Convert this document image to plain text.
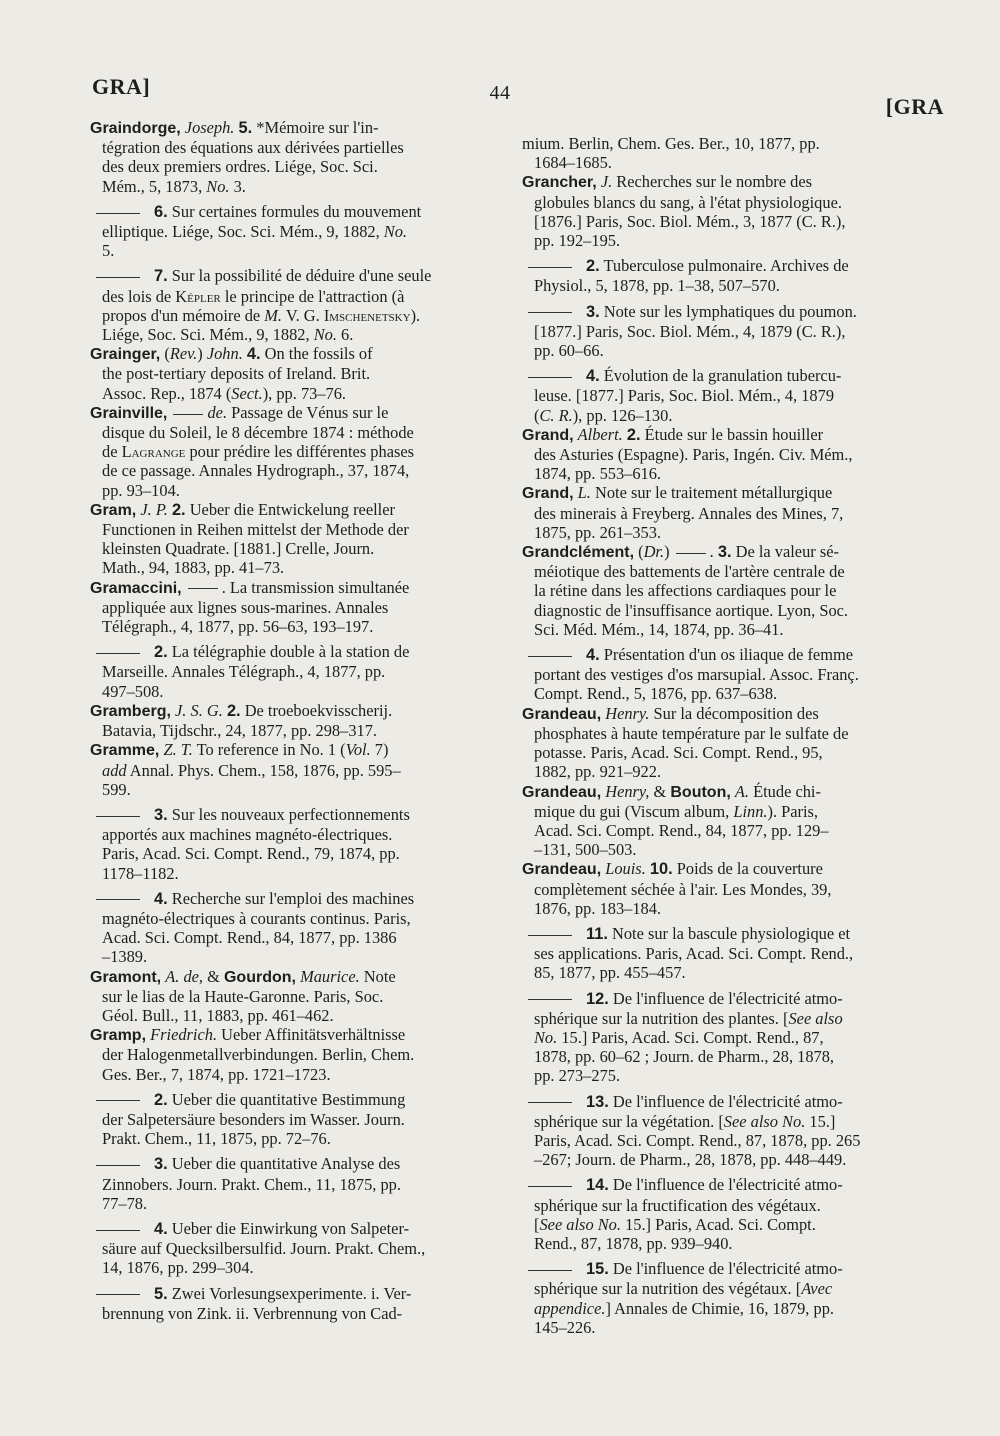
GRA]	44
[GRA
Graindorge, Joseph. 5. *Mémoire sur l'in-
tégration des équations aux dérivées partielles
des deux premiers ordres. Liége, Soc. Sci.
Mém., 5, 1873, No. 3.
6. Sur certaines formules du mouvement
elliptique. Liége, Soc. Sci. Mém., 9, 1882, No.
5.
7. Sur la possibilité de déduire d'une seule
des lois de Képler le principe de l'attraction (à
propos d'un mémoire de M. V. G. Imschenetsky).
Liége, Soc. Sci. Mém., 9, 1882, No. 6.
Grainger, (Rev.) John. 4. On the fossils of
the post-tertiary deposits of Ireland. Brit.
Assoc. Rep., 1874 (Sect.), pp. 73–76.
Grainville, de. Passage de Vénus sur le
disque du Soleil, le 8 décembre 1874 : méthode
de Lagrange pour prédire les différentes phases
de ce passage. Annales Hydrograph., 37, 1874,
pp. 93–104.
Gram, J. P. 2. Ueber die Entwickelung reeller
Functionen in Reihen mittelst der Methode der
kleinsten Quadrate. [1881.] Crelle, Journ.
Math., 94, 1883, pp. 41–73.
Gramaccini, . La transmission simultanée
appliquée aux lignes sous-marines. Annales
Télégraph., 4, 1877, pp. 56–63, 193–197.
2. La télégraphie double à la station de
Marseille. Annales Télégraph., 4, 1877, pp.
497–508.
Gramberg, J. S. G. 2. De troeboekvisscherij.
Batavia, Tijdschr., 24, 1877, pp. 298–317.
Gramme, Z. T. To reference in No. 1 (Vol. 7)
add Annal. Phys. Chem., 158, 1876, pp. 595–
599.
3. Sur les nouveaux perfectionnements
apportés aux machines magnéto-électriques.
Paris, Acad. Sci. Compt. Rend., 79, 1874, pp.
1178–1182.
4. Recherche sur l'emploi des machines
magnéto-électriques à courants continus. Paris,
Acad. Sci. Compt. Rend., 84, 1877, pp. 1386
–1389.
Gramont, A. de, & Gourdon, Maurice. Note
sur le lias de la Haute-Garonne. Paris, Soc.
Géol. Bull., 11, 1883, pp. 461–462.
Gramp, Friedrich. Ueber Affinitätsverhältnisse
der Halogenmetallverbindungen. Berlin, Chem.
Ges. Ber., 7, 1874, pp. 1721–1723.
2. Ueber die quantitative Bestimmung
der Salpetersäure besonders im Wasser. Journ.
Prakt. Chem., 11, 1875, pp. 72–76.
3. Ueber die quantitative Analyse des
Zinnobers. Journ. Prakt. Chem., 11, 1875, pp.
77–78.
4. Ueber die Einwirkung von Salpeter-
säure auf Quecksilbersulfid. Journ. Prakt. Chem.,
14, 1876, pp. 299–304.
5. Zwei Vorlesungsexperimente. i. Ver-
brennung von Zink. ii. Verbrennung von Cad-
mium. Berlin, Chem. Ges. Ber., 10, 1877, pp.
1684–1685.
Grancher, J. Recherches sur le nombre des
globules blancs du sang, à l'état physiologique.
[1876.] Paris, Soc. Biol. Mém., 3, 1877 (C. R.),
pp. 192–195.
2. Tuberculose pulmonaire. Archives de
Physiol., 5, 1878, pp. 1–38, 507–570.
3. Note sur les lymphatiques du poumon.
[1877.] Paris, Soc. Biol. Mém., 4, 1879 (C. R.),
pp. 60–66.
4. Évolution de la granulation tubercu-
leuse. [1877.] Paris, Soc. Biol. Mém., 4, 1879
(C. R.), pp. 126–130.
Grand, Albert. 2. Étude sur le bassin houiller
des Asturies (Espagne). Paris, Ingén. Civ. Mém.,
1874, pp. 553–616.
Grand, L. Note sur le traitement métallurgique
des minerais à Freyberg. Annales des Mines, 7,
1875, pp. 261–353.
Grandclément, (Dr.) . 3. De la valeur sé-
méiotique des battements de l'artère centrale de
la rétine dans les affections cardiaques pour le
diagnostic de l'insuffisance aortique. Lyon, Soc.
Sci. Méd. Mém., 14, 1874, pp. 36–41.
4. Présentation d'un os iliaque de femme
portant des vestiges d'os marsupial. Assoc. Franç.
Compt. Rend., 5, 1876, pp. 637–638.
Grandeau, Henry. Sur la décomposition des
phosphates à haute température par le sulfate de
potasse. Paris, Acad. Sci. Compt. Rend., 95,
1882, pp. 921–922.
Grandeau, Henry, & Bouton, A. Étude chi-
mique du gui (Viscum album, Linn.). Paris,
Acad. Sci. Compt. Rend., 84, 1877, pp. 129–
–131, 500–503.
Grandeau, Louis. 10. Poids de la couverture
complètement séchée à l'air. Les Mondes, 39,
1876, pp. 183–184.
11. Note sur la bascule physiologique et
ses applications. Paris, Acad. Sci. Compt. Rend.,
85, 1877, pp. 455–457.
12. De l'influence de l'électricité atmo-
sphérique sur la nutrition des plantes. [See also
No. 15.] Paris, Acad. Sci. Compt. Rend., 87,
1878, pp. 60–62 ; Journ. de Pharm., 28, 1878,
pp. 273–275.
13. De l'influence de l'électricité atmo-
sphérique sur la végétation. [See also No. 15.]
Paris, Acad. Sci. Compt. Rend., 87, 1878, pp. 265
–267; Journ. de Pharm., 28, 1878, pp. 448–449.
14. De l'influence de l'électricité atmo-
sphérique sur la fructification des végétaux.
[See also No. 15.] Paris, Acad. Sci. Compt.
Rend., 87, 1878, pp. 939–940.
15. De l'influence de l'électricité atmo-
sphérique sur la nutrition des végétaux. [Avec
appendice.] Annales de Chimie, 16, 1879, pp.
145–226.
